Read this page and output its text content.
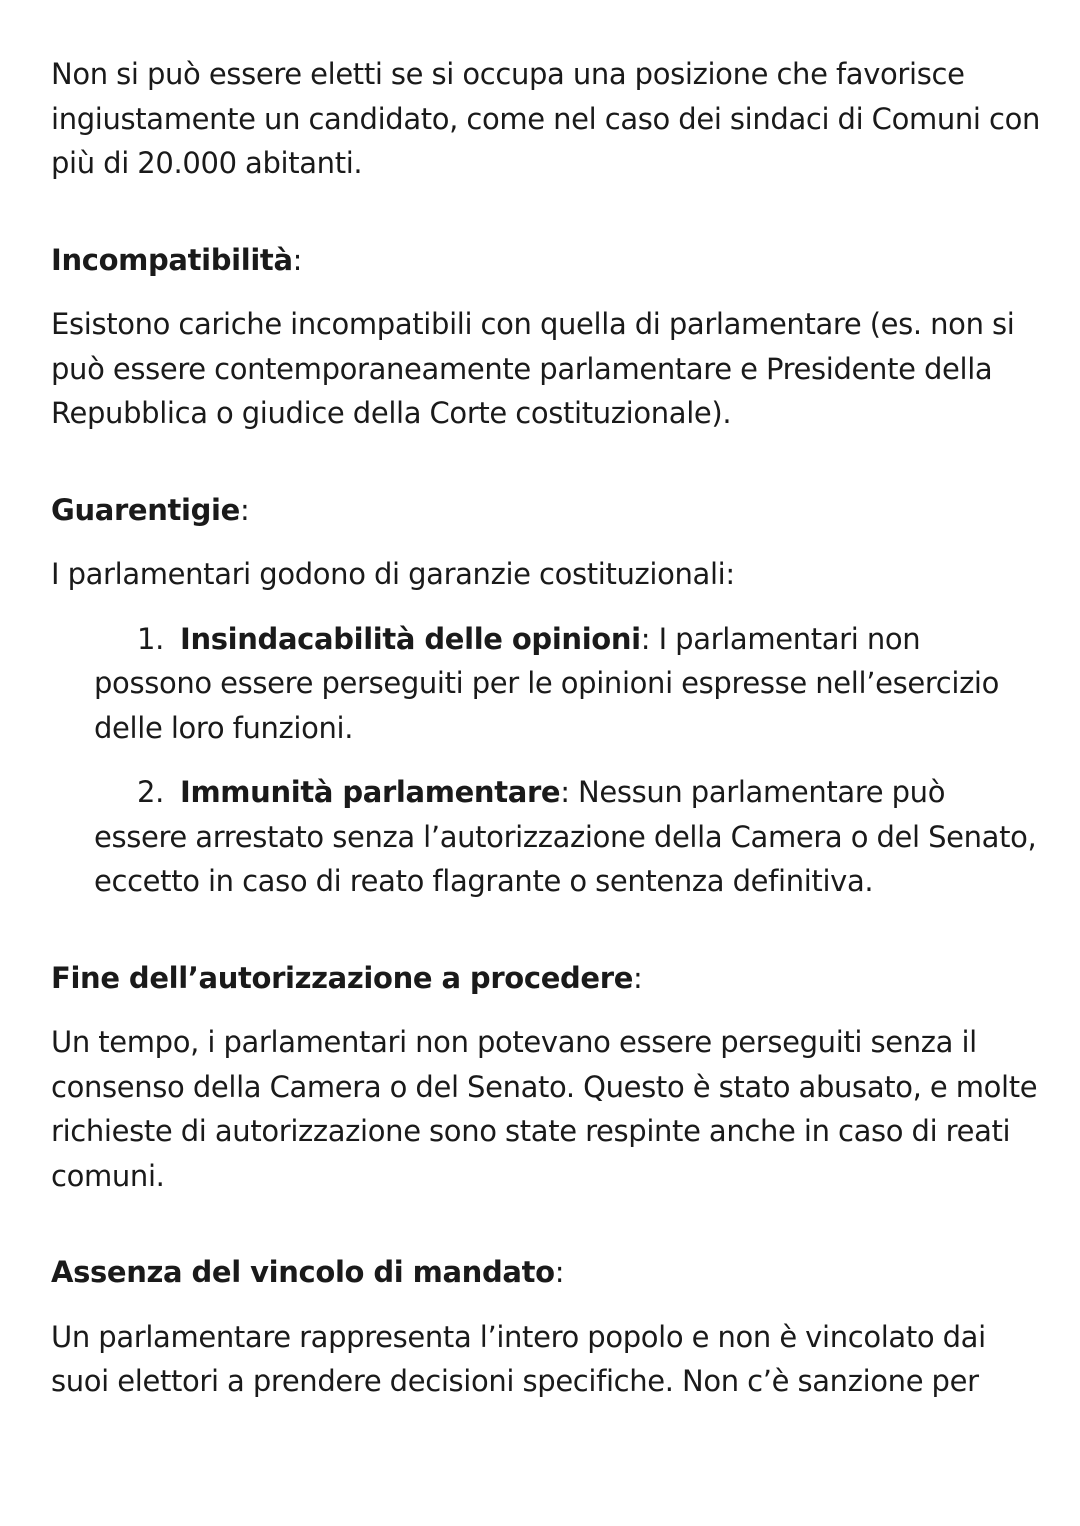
Non si può essere eletti se si occupa una posizione che favorisce ingiustamente un candidato, come nel caso dei sindaci di Comuni con più di 20.000 abitanti.

Incompatibilità:

Esistono cariche incompatibili con quella di parlamentare (es. non si può essere contemporaneamente parlamentare e Presidente della Repubblica o giudice della Corte costituzionale).

Guarentigie:

I parlamentari godono di garanzie costituzionali:

1. Insindacabilità delle opinioni: I parlamentari non possono essere perseguiti per le opinioni espresse nell’esercizio delle loro funzioni.
2. Immunità parlamentare: Nessun parlamentare può essere arrestato senza l’autorizzazione della Camera o del Senato, eccetto in caso di reato flagrante o sentenza definitiva.

Fine dell’autorizzazione a procedere:

Un tempo, i parlamentari non potevano essere perseguiti senza il consenso della Camera o del Senato. Questo è stato abusato, e molte richieste di autorizzazione sono state respinte anche in caso di reati comuni.

Assenza del vincolo di mandato:

Un parlamentare rappresenta l’intero popolo e non è vincolato dai suoi elettori a prendere decisioni specifiche. Non c’è sanzione per
